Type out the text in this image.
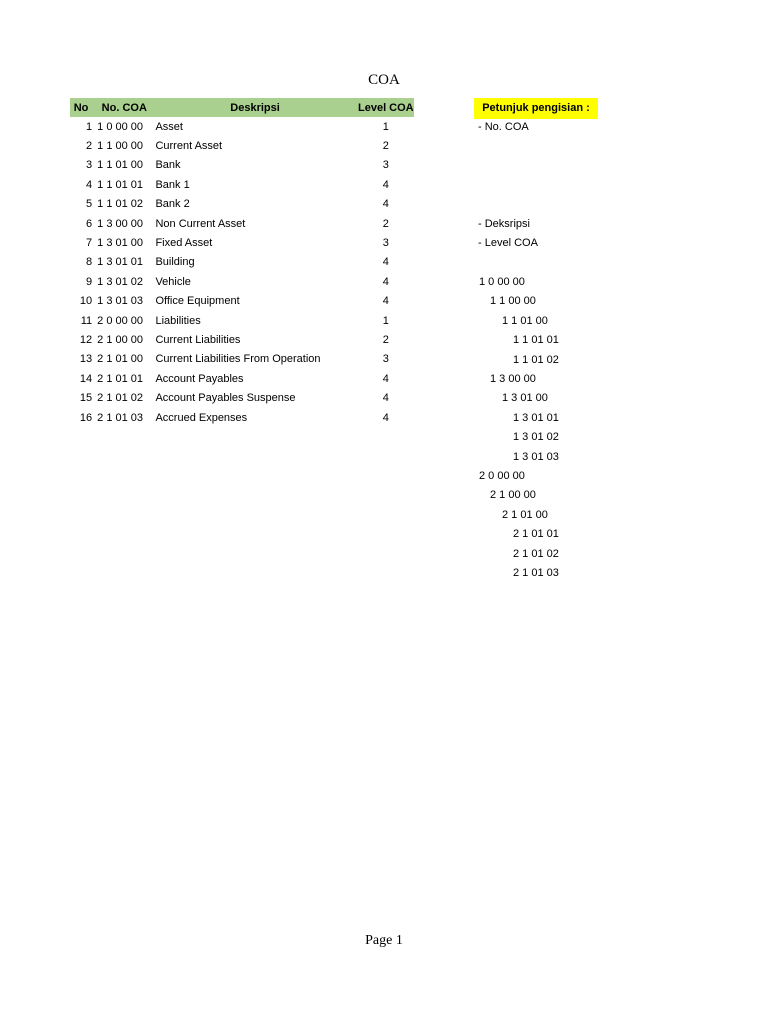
COA
No	No. COA	Deskripsi	Level COA
1	1 0 00 00	Asset	1
2	1 1 00 00	Current Asset	2
3	1 1 01 00	Bank	3
4	1 1 01 01	Bank 1	4
5	1 1 01 02	Bank 2	4
6	1 3 00 00	Non Current Asset	2
7	1 3 01 00	Fixed Asset	3
8	1 3 01 01	Building	4
9	1 3 01 02	Vehicle	4
10	1 3 01 03	Office Equipment	4
11	2 0 00 00	Liabilities	1
12	2 1 00 00	Current Liabilities	2
13	2 1 01 00	Current Liabilities From Operation	3
14	2 1 01 01	Account Payables	4
15	2 1 01 02	Account Payables Suspense	4
16	2 1 01 03	Accrued Expenses	4
Petunjuk pengisian :
- No. COA
- Deksripsi
- Level COA
1 0 00 00
1 1 00 00
1 1 01 00
1 1 01 01
1 1 01 02
1 3 00 00
1 3 01 00
1 3 01 01
1 3 01 02
1 3 01 03
2 0 00 00
2 1 00 00
2 1 01 00
2 1 01 01
2 1 01 02
2 1 01 03
Page 1
